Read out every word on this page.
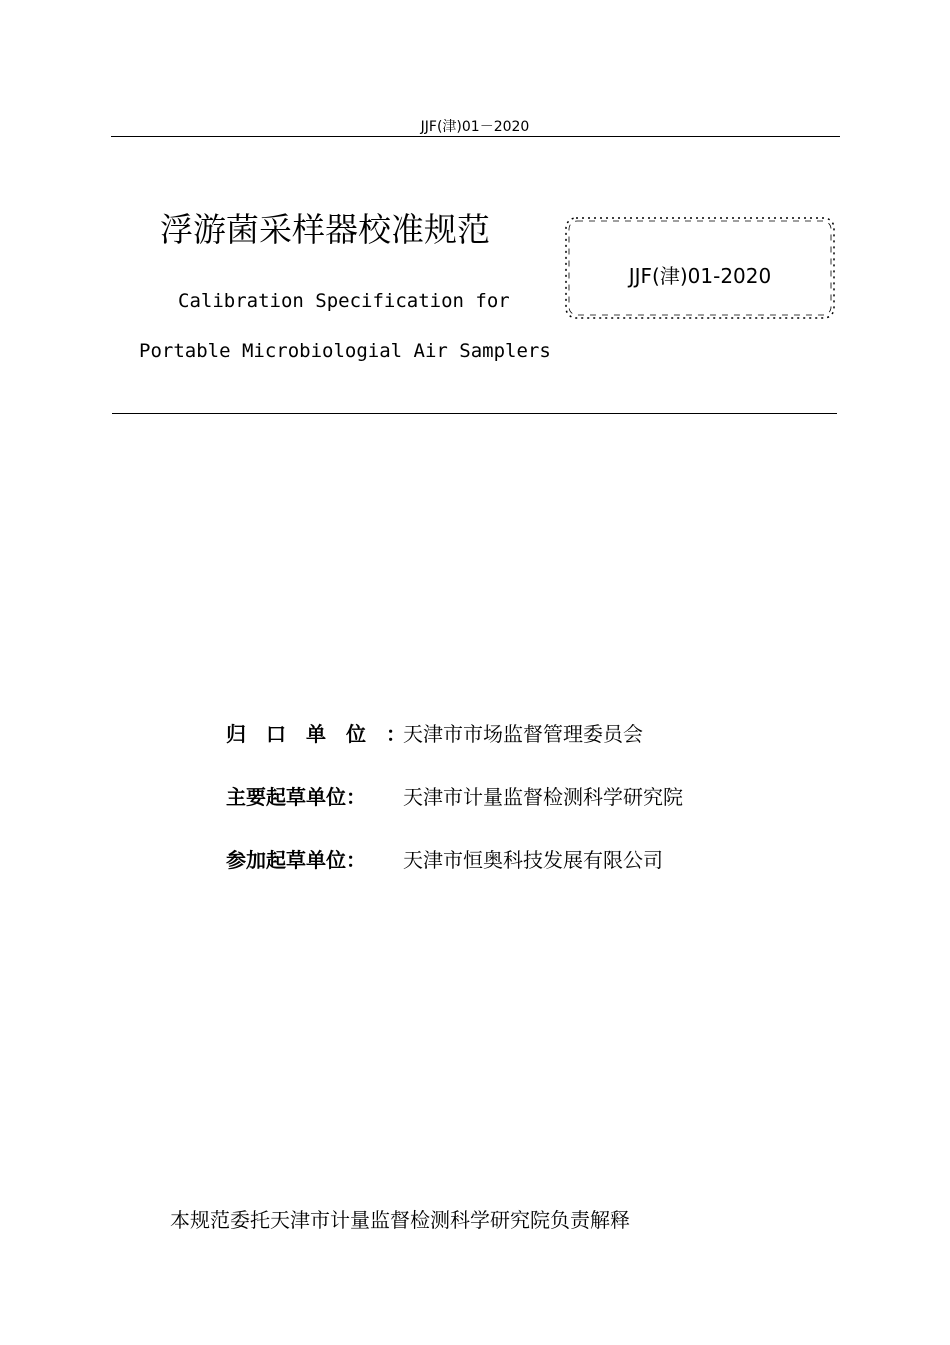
JJF(津)01－2020
浮游菌采样器校准规范
Calibration Specification for
Portable Microbiologial Air Samplers
JJF(津)01-2020
归口单位：
天津市市场监督管理委员会
主要起草单位： 天津市计量监督检测科学研究院
参加起草单位： 天津市恒奥科技发展有限公司
本规范委托天津市计量监督检测科学研究院负责解释
